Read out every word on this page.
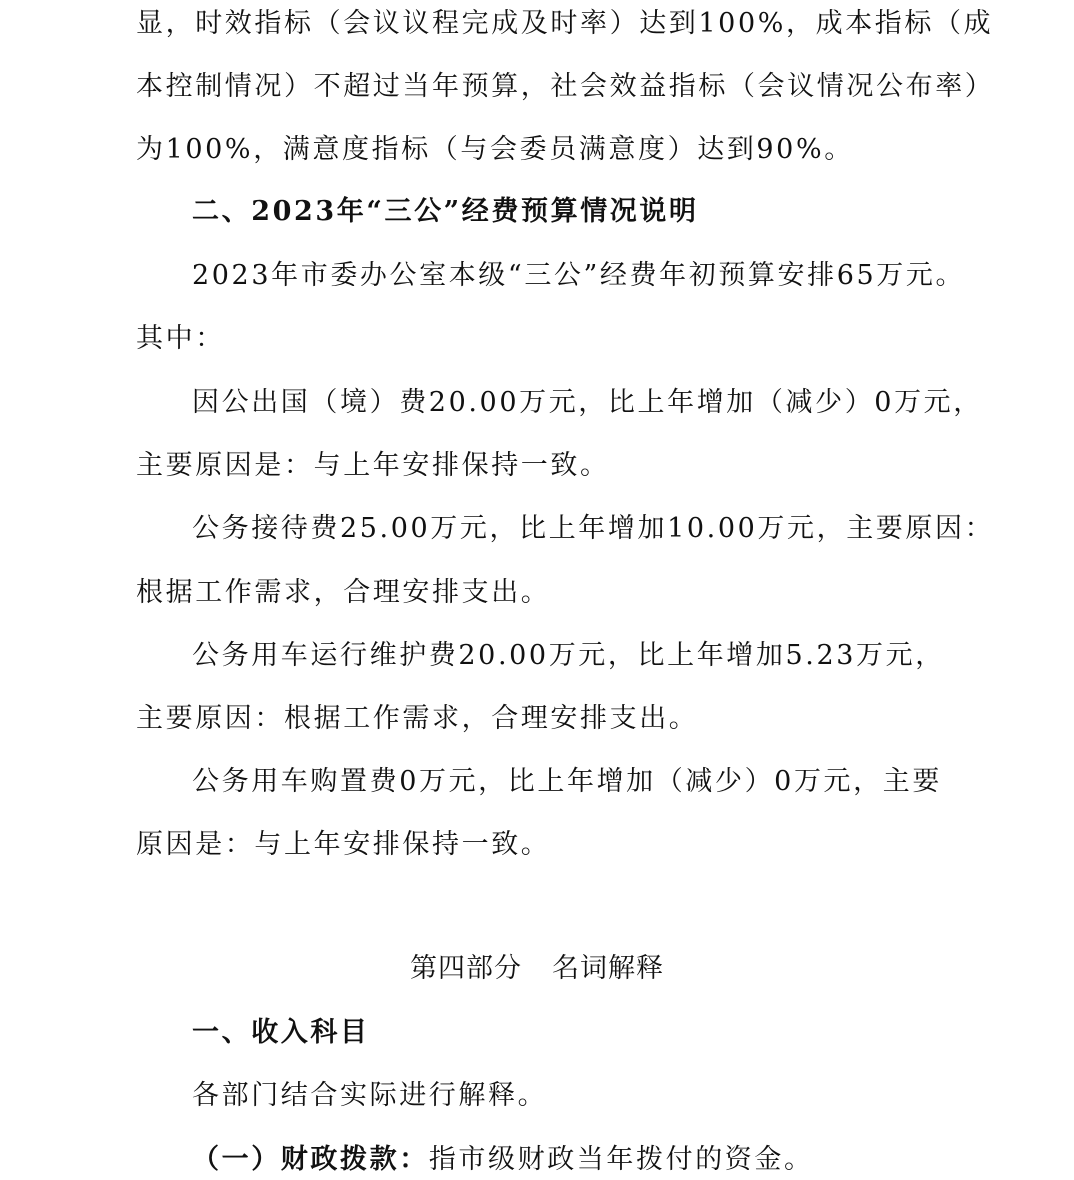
显，时效指标（会议议程完成及时率）达到100%，成本指标（成
本控制情况）不超过当年预算，社会效益指标（会议情况公布率）
为100%，满意度指标（与会委员满意度）达到90%。
二、2023年“三公”经费预算情况说明
2023年市委办公室本级“三公”经费年初预算安排65万元。
其中：
因公出国（境）费20.00万元，比上年增加（减少）0万元，
主要原因是：与上年安排保持一致。
公务接待费25.00万元，比上年增加10.00万元，主要原因：
根据工作需求，合理安排支出。
公务用车运行维护费20.00万元，比上年增加5.23万元，
主要原因：根据工作需求，合理安排支出。
公务用车购置费0万元，比上年增加（减少）0万元，主要
原因是：与上年安排保持一致。
第四部分 名词解释
一、收入科目
各部门结合实际进行解释。
（一）财政拨款：指市级财政当年拨付的资金。
